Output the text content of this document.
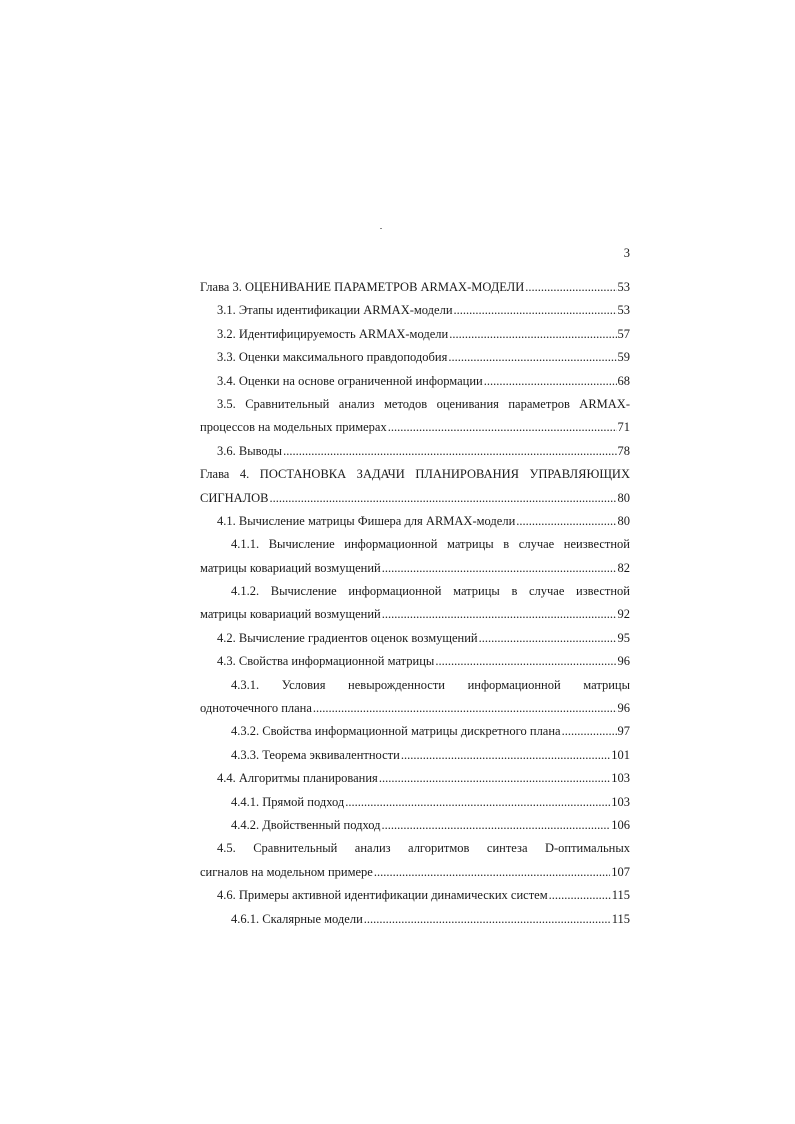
3
Глава 3. ОЦЕНИВАНИЕ ПАРАМЕТРОВ ARMAX-МОДЕЛИ .....	53
3.1. Этапы идентификации ARMAX-модели .....	53
3.2. Идентифицируемость ARMAX-модели .....	57
3.3. Оценки максимального правдоподобия .....	59
3.4. Оценки на основе ограниченной информации .....	68
3.5. Сравнительный анализ методов оценивания параметров ARMAX-
процессов на модельных примерах .....	71
3.6. Выводы .....	78
Глава 4. ПОСТАНОВКА ЗАДАЧИ ПЛАНИРОВАНИЯ УПРАВЛЯЮЩИХ
СИГНАЛОВ .....	80
4.1. Вычисление матрицы Фишера для ARMAX-модели .....	80
4.1.1. Вычисление информационной матрицы в случае неизвестной
матрицы ковариаций возмущений .....	82
4.1.2. Вычисление информационной матрицы в случае известной
матрицы ковариаций возмущений .....	92
4.2. Вычисление градиентов оценок возмущений .....	95
4.3. Свойства информационной матрицы .....	96
4.3.1. Условия невырожденности информационной матрицы
одноточечного плана .....	96
4.3.2. Свойства информационной матрицы дискретного плана .....	97
4.3.3. Теорема эквивалентности .....	101
4.4. Алгоритмы планирования .....	103
4.4.1. Прямой подход .....	103
4.4.2. Двойственный подход .....	106
4.5. Сравнительный анализ алгоритмов синтеза D-оптимальных
сигналов на модельном примере .....	107
4.6. Примеры активной идентификации динамических систем .....	115
4.6.1. Скалярные модели .....	115
